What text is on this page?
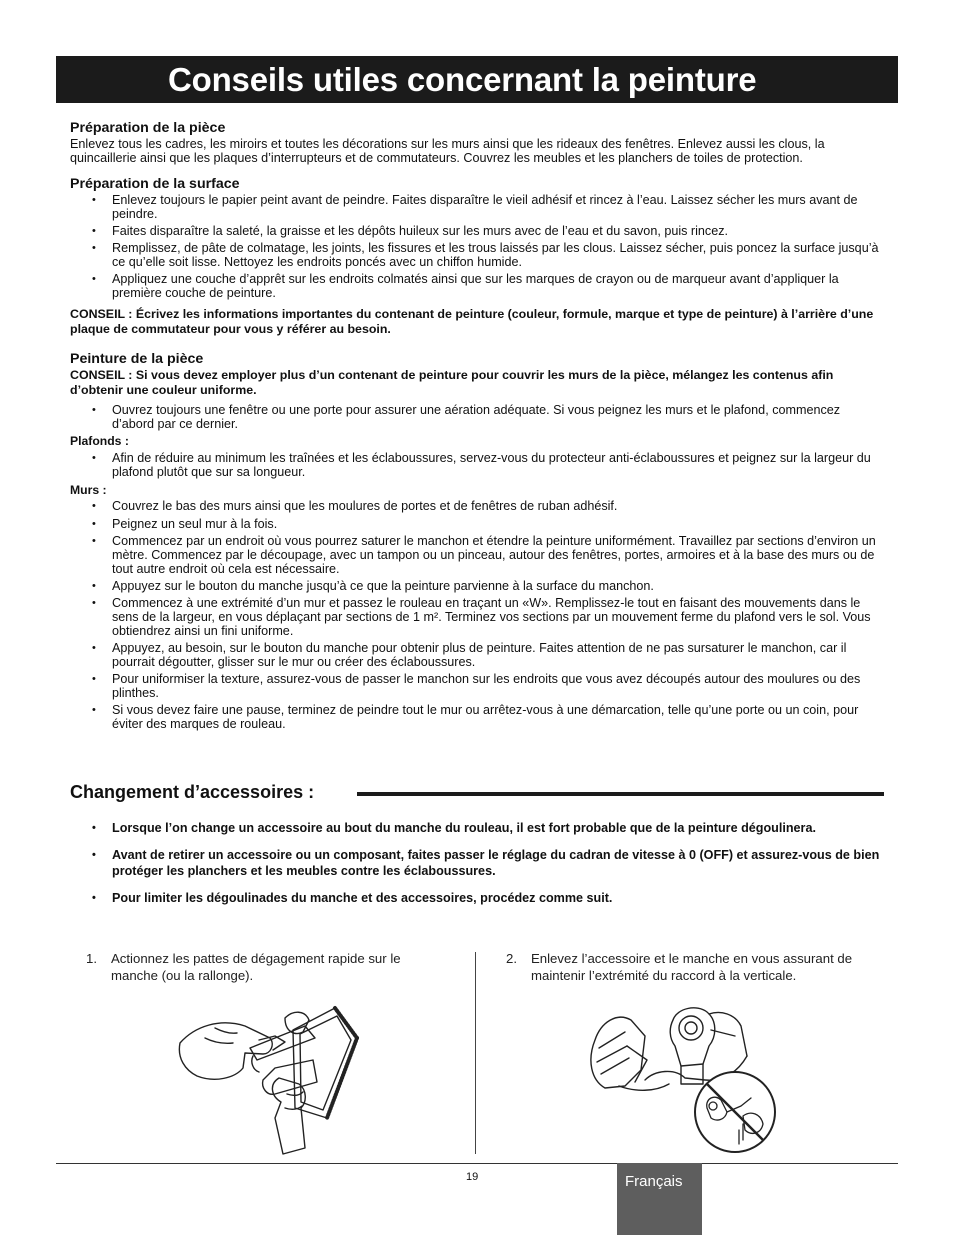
Conseils utiles concernant la peinture
Préparation de la pièce

Enlevez tous les cadres, les miroirs et toutes les décorations sur les murs ainsi que les rideaux des fenêtres. Enlevez aussi les clous, la quincaillerie ainsi que les plaques d’interrupteurs et de commutateurs. Couvrez les meubles et les planchers de toiles de protection.

Préparation de la surface
• Enlevez toujours le papier peint avant de peindre. Faites disparaître le vieil adhésif et rincez à l’eau. Laissez sécher les murs avant de peindre.
• Faites disparaître la saleté, la graisse et les dépôts huileux sur les murs avec de l’eau et du savon, puis rincez.
• Remplissez, de pâte de colmatage, les joints, les fissures et les trous laissés par les clous. Laissez sécher, puis poncez la surface jusqu’à ce qu’elle soit lisse. Nettoyez les endroits poncés avec un chiffon humide.
• Appliquez une couche d’apprêt sur les endroits colmatés ainsi que sur les marques de crayon ou de marqueur avant d’appliquer la première couche de peinture.

CONSEIL : Écrivez les informations importantes du contenant de peinture (couleur, formule, marque et type de peinture) à l’arrière d’une plaque de commutateur pour vous y référer au besoin.

Peinture de la pièce

CONSEIL : Si vous devez employer plus d’un contenant de peinture pour couvrir les murs de la pièce, mélangez les contenus afin d’obtenir une couleur uniforme.

• Ouvrez toujours une fenêtre ou une porte pour assurer une aération adéquate. Si vous peignez les murs et le plafond, commencez d’abord par ce dernier.

Plafonds :

• Afin de réduire au minimum les traînées et les éclaboussures, servez-vous du protecteur anti-éclaboussures et peignez sur la largeur du plafond plutôt que sur sa longueur.

Murs :

• Couvrez le bas des murs ainsi que les moulures de portes et de fenêtres de ruban adhésif.
• Peignez un seul mur à la fois.
• Commencez par un endroit où vous pourrez saturer le manchon et étendre la peinture uniformément. Travaillez par sections d’environ un mètre. Commencez par le découpage, avec un tampon ou un pinceau, autour des fenêtres, portes, armoires et à la base des murs ou de tout autre endroit où cela est nécessaire.
• Appuyez sur le bouton du manche jusqu’à ce que la peinture parvienne à la surface du manchon.
• Commencez à une extrémité d’un mur et passez le rouleau en traçant un «W». Remplissez-le tout en faisant des mouvements dans le sens de la largeur, en vous déplaçant par sections de 1 m². Terminez vos sections par un mouvement ferme du plafond vers le sol. Vous obtiendrez ainsi un fini uniforme.
• Appuyez, au besoin, sur le bouton du manche pour obtenir plus de peinture. Faites attention de ne pas sursaturer le manchon, car il pourrait dégoutter, glisser sur le mur ou créer des éclaboussures.
• Pour uniformiser la texture, assurez-vous de passer le manchon sur les endroits que vous avez découpés autour des moulures ou des plinthes.
• Si vous devez faire une pause, terminez de peindre tout le mur ou arrêtez-vous à une démarcation, telle qu’une porte ou un coin, pour éviter des marques de rouleau.
Changement d’accessoires :
• Lorsque l’on change un accessoire au bout du manche du rouleau, il est fort probable que de la peinture dégoulinera.
• Avant de retirer un accessoire ou un composant, faites passer le réglage du cadran de vitesse à 0 (OFF) et assurez-vous de bien protéger les planchers et les meubles contre les éclaboussures.
• Pour limiter les dégoulinades du manche et des accessoires, procédez comme suit.
1. Actionnez les pattes de dégagement rapide sur le manche (ou la rallonge).
2. Enlevez l’accessoire et le manche en vous assurant de maintenir l’extrémité du raccord à la verticale.
19	Français
